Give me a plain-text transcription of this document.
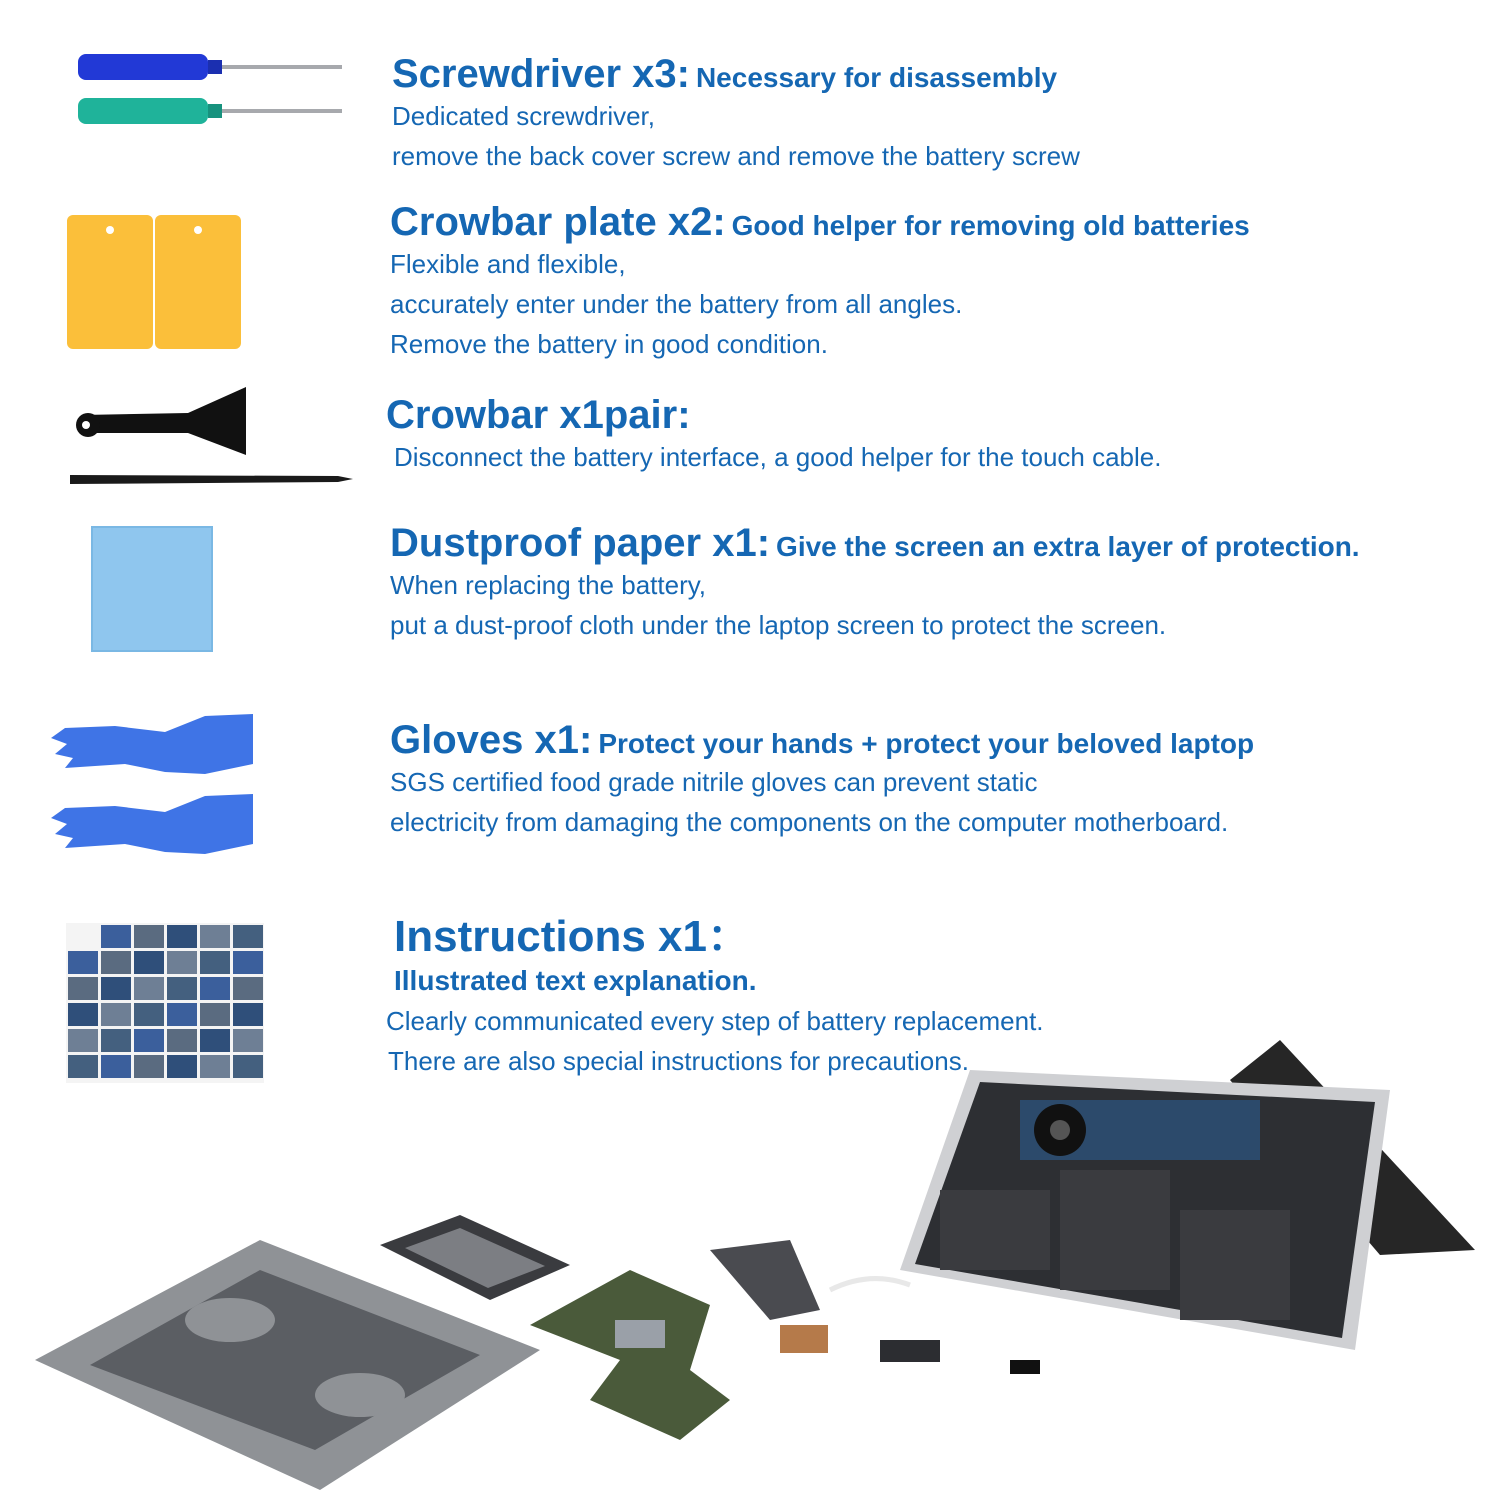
Screwdriver x3: Necessary for disassembly
Dedicated screwdriver,
remove the back cover screw and remove the battery screw
Crowbar plate x2: Good helper for removing old batteries
Flexible and flexible,
accurately enter under the battery from all angles.
Remove the battery in good condition.
Crowbar x1pair:
Disconnect the battery interface, a good helper for the touch cable.
Dustproof paper x1: Give the screen an extra layer of protection.
When replacing the battery,
put a dust-proof cloth under the laptop screen to protect the screen.
Gloves x1: Protect your hands + protect your beloved laptop
SGS certified food grade nitrile gloves can prevent static
electricity from damaging the components on the computer motherboard.
Instructions x1：
Illustrated text explanation.
Clearly communicated every step of battery replacement.
There are also special instructions for precautions.
